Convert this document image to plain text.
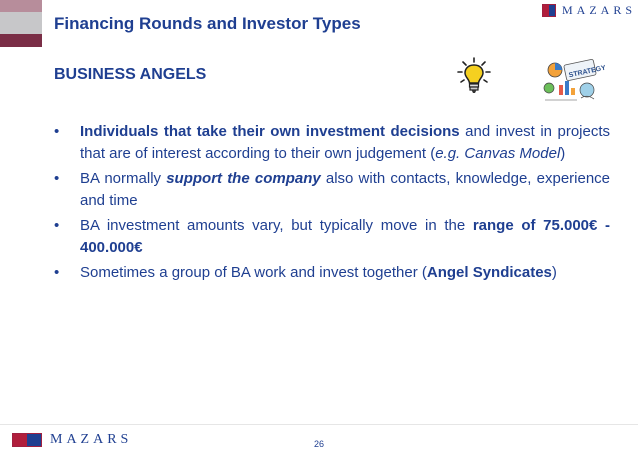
Financing Rounds and Investor Types
MAZARS
BUSINESS ANGELS	STRATEGY
• Individuals that take their own investment decisions and invest in projects that are of interest according to their own judgement (e.g. Canvas Model)
• BA normally support the company also with contacts, knowledge, experience and time
• BA investment amounts vary, but typically move in the range of 75.000€ - 400.000€
• Sometimes a group of BA work and invest together (Angel Syndicates)
MAZARS	26
